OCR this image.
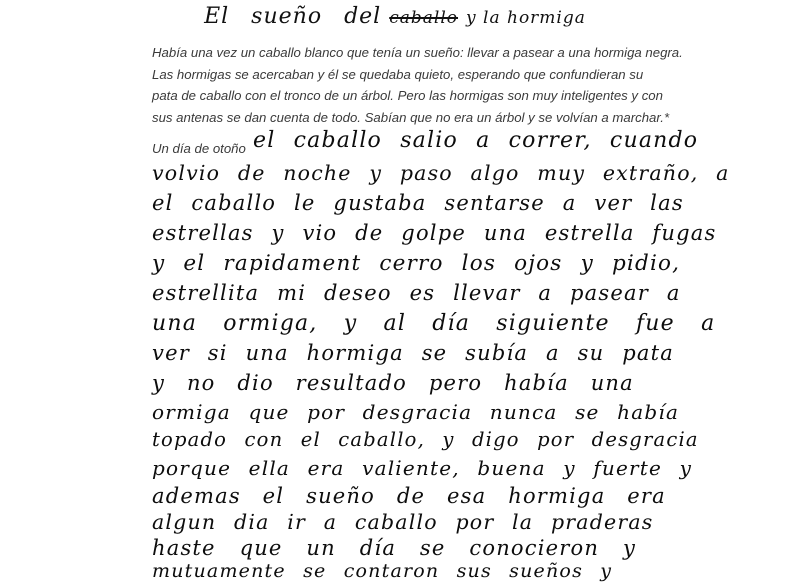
El sueño del caballo y la hormiga
Había una vez un caballo blanco que tenía un sueño: llevar a pasear a una hormiga negra.
Las hormigas se acercaban y él se quedaba quieto, esperando que confundieran su
pata de caballo con el tronco de un árbol. Pero las hormigas son muy inteligentes y con
sus antenas se dan cuenta de todo. Sabían que no era un árbol y se volvían a marchar.*
Un día de otoño el caballo salio a correr, cuando
volvio de noche y paso algo muy extraño, a
el caballo le gustaba sentarse a ver las
estrellas y vio de golpe una estrella fugas
y el rapidament cerro los ojos y pidio,
estrellita mi deseo es llevar a pasear a
una ormiga, y al día siguiente fue a
ver si una hormiga se subía a su pata
y no dio resultado pero había una
ormiga que por desgracia nunca se había
topado con el caballo, y digo por desgracia
porque ella era valiente, buena y fuerte y
ademas el sueño de esa hormiga era
algun dia ir a caballo por la praderas
haste que un día se conocieron y
mutuamente se contaron sus sueños y
